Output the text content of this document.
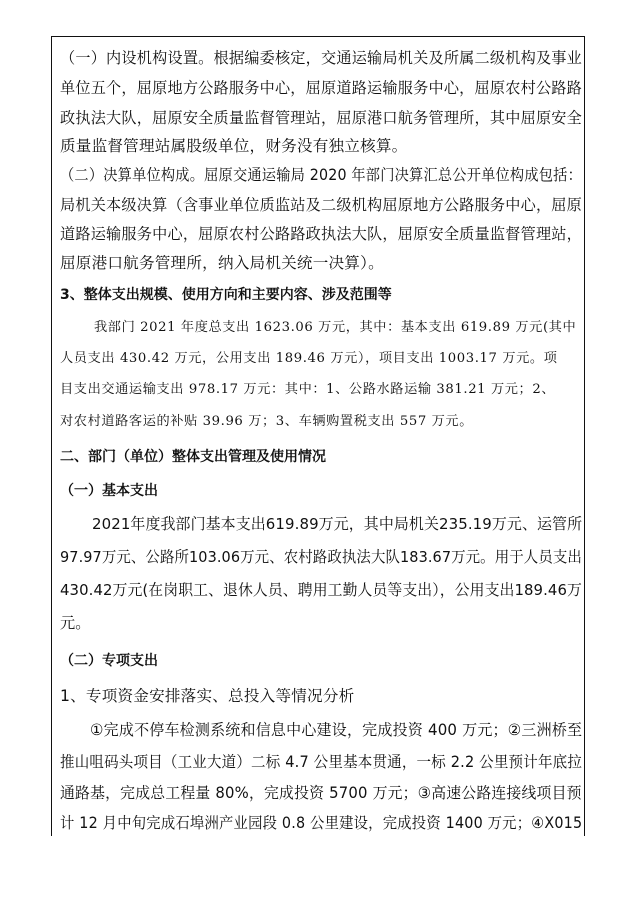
（一）内设机构设置。根据编委核定，交通运输局机关及所属二级机构及事业
单位五个，屈原地方公路服务中心，屈原道路运输服务中心，屈原农村公路路
政执法大队，屈原安全质量监督管理站，屈原港口航务管理所，其中屈原安全
质量监督管理站属股级单位，财务没有独立核算。
（二）决算单位构成。屈原交通运输局 2020 年部门决算汇总公开单位构成包括：
局机关本级决算（含事业单位质监站及二级机构屈原地方公路服务中心，屈原
道路运输服务中心，屈原农村公路路政执法大队，屈原安全质量监督管理站，
屈原港口航务管理所，纳入局机关统一决算）。
3、整体支出规模、使用方向和主要内容、涉及范围等
我部门 2021 年度总支出 1623.06 万元，其中：基本支出 619.89 万元(其中
人员支出 430.42 万元，公用支出 189.46 万元），项目支出 1003.17 万元。项
目支出交通运输支出 978.17 万元：其中：1、公路水路运输 381.21 万元；2、
对农村道路客运的补贴 39.96 万；3、车辆购置税支出 557 万元。
二、部门（单位）整体支出管理及使用情况
（一）基本支出
2021年度我部门基本支出619.89万元，其中局机关235.19万元、运管所
97.97万元、公路所103.06万元、农村路政执法大队183.67万元。用于人员支出
430.42万元(在岗职工、退休人员、聘用工勤人员等支出），公用支出189.46万
元。
（二）专项支出
1、专项资金安排落实、总投入等情况分析
①完成不停车检测系统和信息中心建设，完成投资 400 万元；②三洲桥至
推山咀码头项目（工业大道）二标 4.7 公里基本贯通，一标 2.2 公里预计年底拉
通路基，完成总工程量 80%，完成投资 5700 万元；③高速公路连接线项目预
计 12 月中旬完成石埠洲产业园段 0.8 公里建设，完成投资 1400 万元；④X015
